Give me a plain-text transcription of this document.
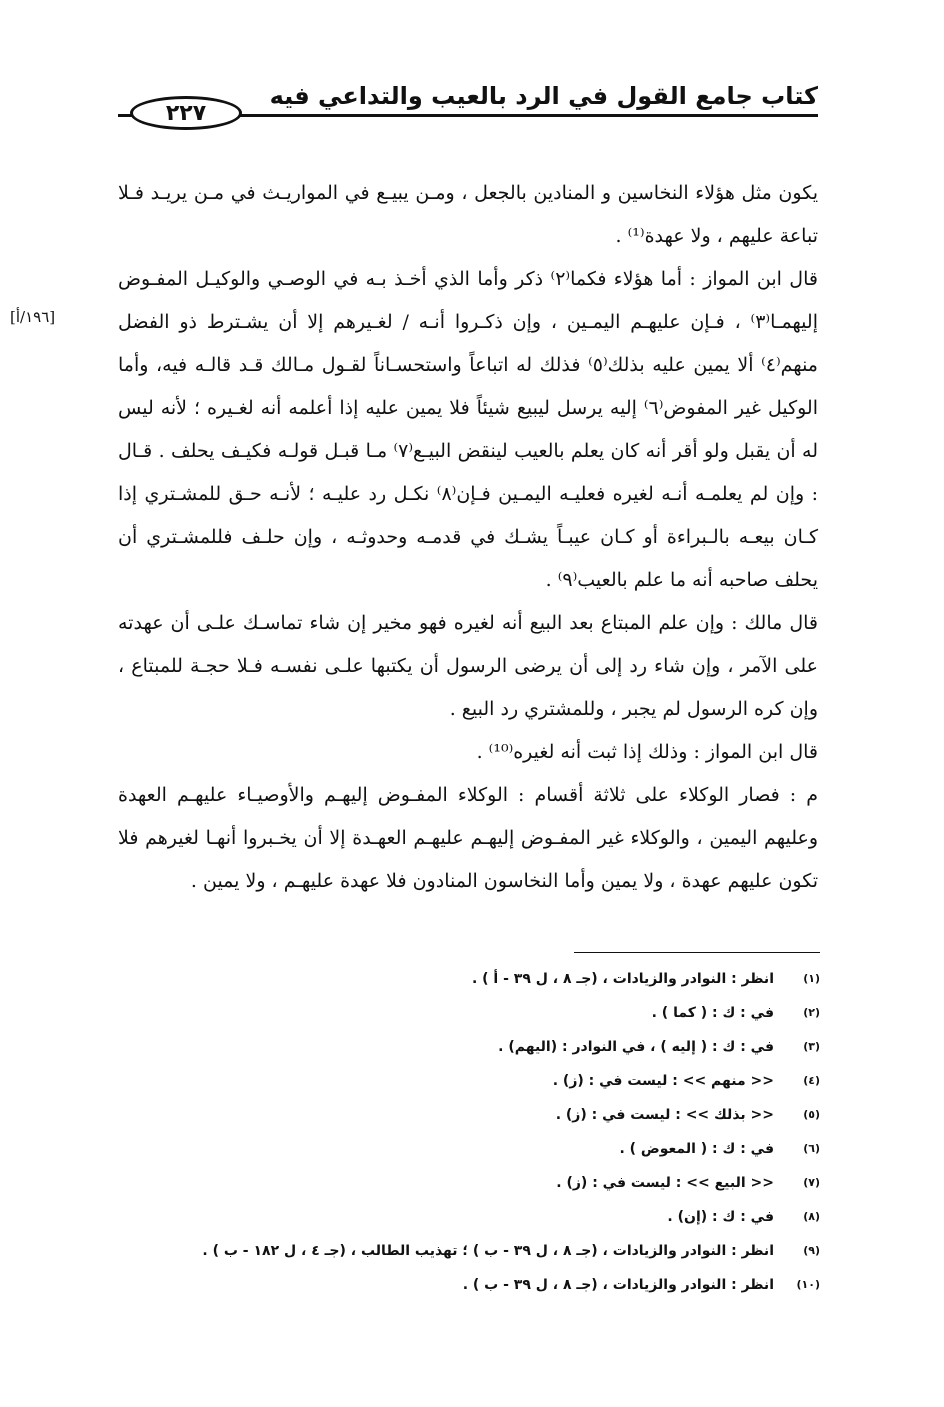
٢٢٧
كتاب جامع القول في الرد بالعيب والتداعي فيه
[١٩٦/أ]

يكون مثل هؤلاء النخاسين و المنادين بالجعل ، ومـن يبيـع في المواريـث في مـن يريـد فـلا تباعة عليهم ، ولا عهدة⁽¹⁾ .

قال ابن المواز : أما هؤلاء فكما⁽٢⁾ ذكر وأما الذي أخـذ بـه في الوصـي والوكيـل المفـوض إليهمـا⁽٣⁾ ، فـإن عليهـم اليمـين ، وإن ذكـروا أنـه / لغـيرهم إلا أن يشـترط ذو الفضل منهم⁽٤⁾ ألا يمين عليه بذلك⁽٥⁾ فذلك له اتباعاً واستحسـاناً لقـول مـالك قـد قالـه فيه، وأما الوكيل غير المفوض⁽٦⁾ إليه يرسل ليبيع شيئاً فلا يمين عليه إذا أعلمه أنه لغـيره ؛ لأنه ليس له أن يقبل ولو أقر أنه كان يعلم بالعيب لينقض البيـع⁽٧⁾ مـا قبـل قولـه فكيـف يحلف . قـال : وإن لم يعلمـه أنـه لغيره فعليـه اليمـين فـإن⁽٨⁾ نكـل رد عليـه ؛ لأنـه حـق للمشـتري إذا كـان بيعـه بالـبراءة أو كـان عيبـاً يشـك في قدمـه وحدوثـه ، وإن حلـف فللمشـتري أن يحلف صاحبه أنه ما علم بالعيب⁽٩⁾ .

قال مالك : وإن علم المبتاع بعد البيع أنه لغيره فهو مخير إن شاء تماسـك علـى أن عهدته على الآمر ، وإن شاء رد إلى أن يرضى الرسول أن يكتبها علـى نفسـه فـلا حجـة للمبتاع ، وإن كره الرسول لم يجبر ، وللمشتري رد البيع .

قال ابن المواز : وذلك إذا ثبت أنه لغيره⁽¹⁰⁾ .

م : فصار الوكلاء على ثلاثة أقسام : الوكلاء المفـوض إليهـم والأوصيـاء عليهـم العهدة وعليهم اليمين ، والوكلاء غير المفـوض إليهـم عليهـم العهـدة إلا أن يخـبروا أنهـا لغيرهم فلا تكون عليهم عهدة ، ولا يمين وأما النخاسون المنادون فلا عهدة عليهـم ، ولا يمين .

(١)
انظر : النوادر والزيادات ، (جـ ٨ ، ل ٣٩ - أ ) .
(٢)
في : ك : ( كما ) .
(٣)
في : ك : ( إليه ) ، في النوادر : (اليهم) .
(٤)
<< منهم >> : ليست في : (ز) .
(٥)
<< بذلك >> : ليست في : (ز) .
(٦)
في : ك : ( المعوض ) .
(٧)
<< البيع >> : ليست في : (ز) .
(٨)
في : ك : (إن) .
(٩)
انظر : النوادر والزيادات ، (جـ ٨ ، ل ٣٩ - ب ) ؛ تهذيب الطالب ، (جـ ٤ ، ل ١٨٢ - ب ) .
(١٠)
انظر : النوادر والزيادات ، (جـ ٨ ، ل ٣٩ - ب ) .
